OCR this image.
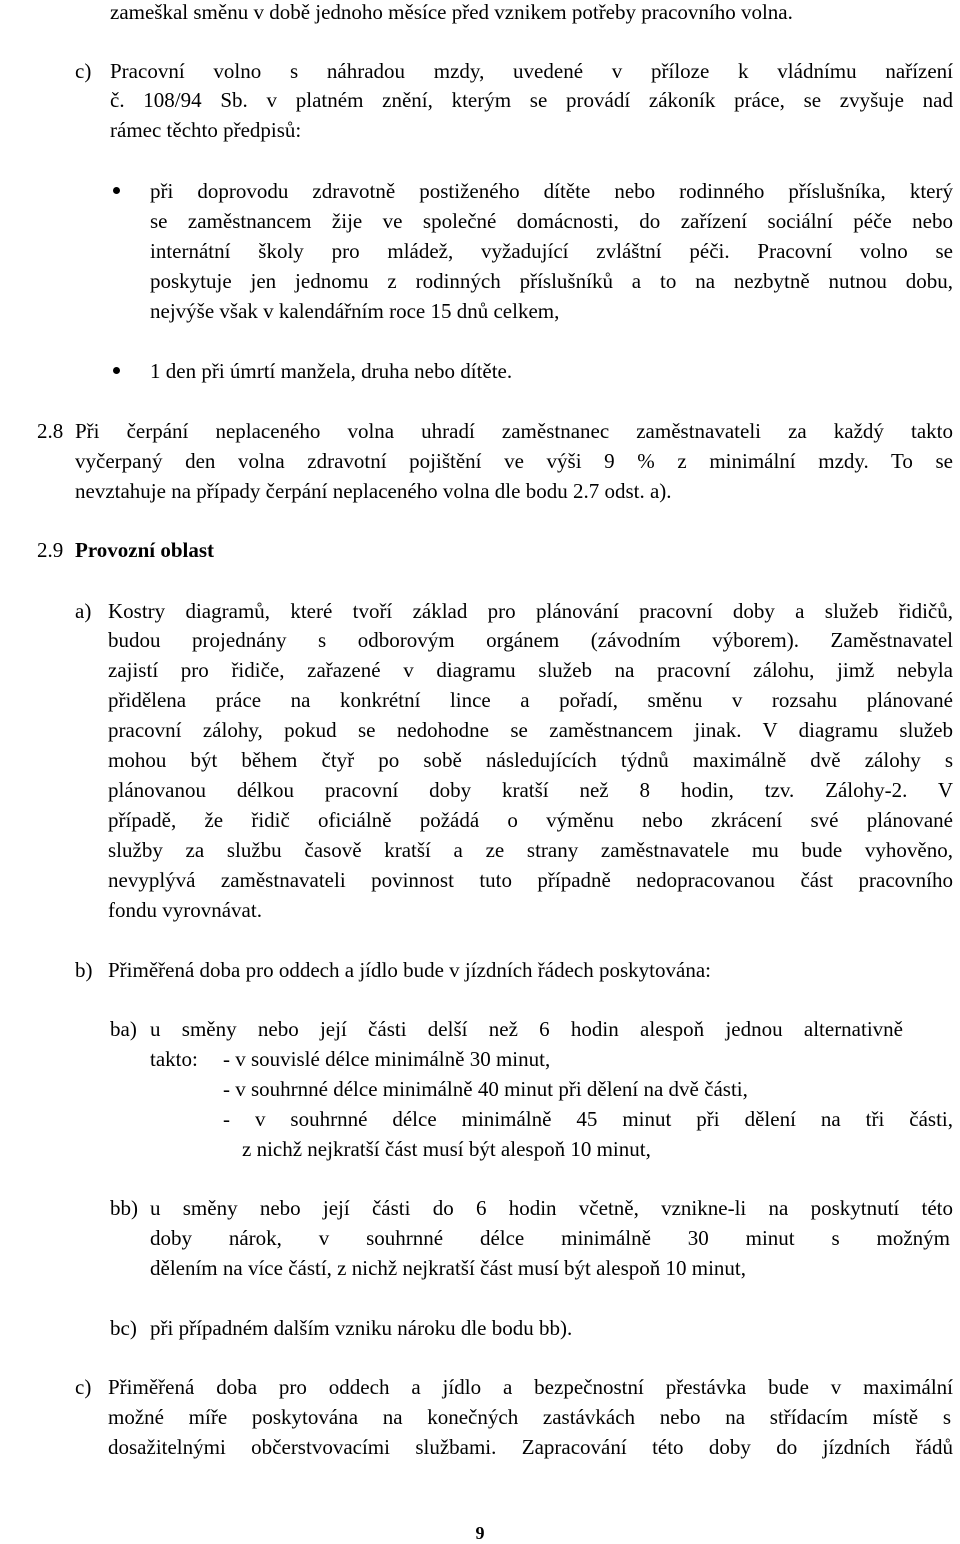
zameškal směnu v době jednoho měsíce před vznikem potřeby pracovního volna.
c) Pracovní volno s náhradou mzdy, uvedené v příloze k vládnímu nařízení
č. 108/94 Sb. v platném znění, kterým se provádí zákoník práce, se zvyšuje nad
rámec těchto předpisů:
při doprovodu zdravotně postiženého dítěte nebo rodinného příslušníka, který
se zaměstnancem žije ve společné domácnosti, do zařízení sociální péče nebo
internátní školy pro mládež, vyžadující zvláštní péči. Pracovní volno se
poskytuje jen jednomu z rodinných příslušníků a to na nezbytně nutnou dobu,
nejvýše však v kalendářním roce 15 dnů celkem,
1 den při úmrtí manžela, druha nebo dítěte.
2.8 Při čerpání neplaceného volna uhradí zaměstnanec zaměstnavateli za každý takto
vyčerpaný den volna zdravotní pojištění ve výši 9 % z minimální mzdy. To se
nevztahuje na případy čerpání neplaceného volna dle bodu 2.7 odst. a).
2.9 Provozní oblast
a) Kostry diagramů, které tvoří základ pro plánování pracovní doby a služeb řidičů,
budou projednány s odborovým orgánem (závodním výborem). Zaměstnavatel
zajistí pro řidiče, zařazené v diagramu služeb na pracovní zálohu, jimž nebyla
přidělena práce na konkrétní lince a pořadí, směnu v rozsahu plánované
pracovní zálohy, pokud se nedohodne se zaměstnancem jinak. V diagramu služeb
mohou být během čtyř po sobě následujících týdnů maximálně dvě zálohy s
plánovanou délkou pracovní doby kratší než 8 hodin, tzv. Zálohy-2. V
případě, že řidič oficiálně požádá o výměnu nebo zkrácení své plánované
služby za službu časově kratší a ze strany zaměstnavatele mu bude vyhověno,
nevyplývá zaměstnavateli povinnost tuto případně nedopracovanou část pracovního
fondu vyrovnávat.
b) Přiměřená doba pro oddech a jídlo bude v jízdních řádech poskytována:
ba) u směny nebo její části delší než 6 hodin alespoň jednou alternativně
takto: - v souvislé délce minimálně 30 minut,
- v souhrnné délce minimálně 40 minut při dělení na dvě části,
- v souhrnné délce minimálně 45 minut při dělení na tři části,
z nichž nejkratší část musí být alespoň 10 minut,
bb) u směny nebo její části do 6 hodin včetně, vznikne-li na poskytnutí této
doby nárok, v souhrnné délce minimálně 30 minut s možným
dělením na více částí, z nichž nejkratší část musí být alespoň 10 minut,
bc) při případném dalším vzniku nároku dle bodu bb).
c) Přiměřená doba pro oddech a jídlo a bezpečnostní přestávka bude v maximální
možné míře poskytována na konečných zastávkách nebo na střídacím místě s
dosažitelnými občerstvovacími službami. Zapracování této doby do jízdních řádů
9
